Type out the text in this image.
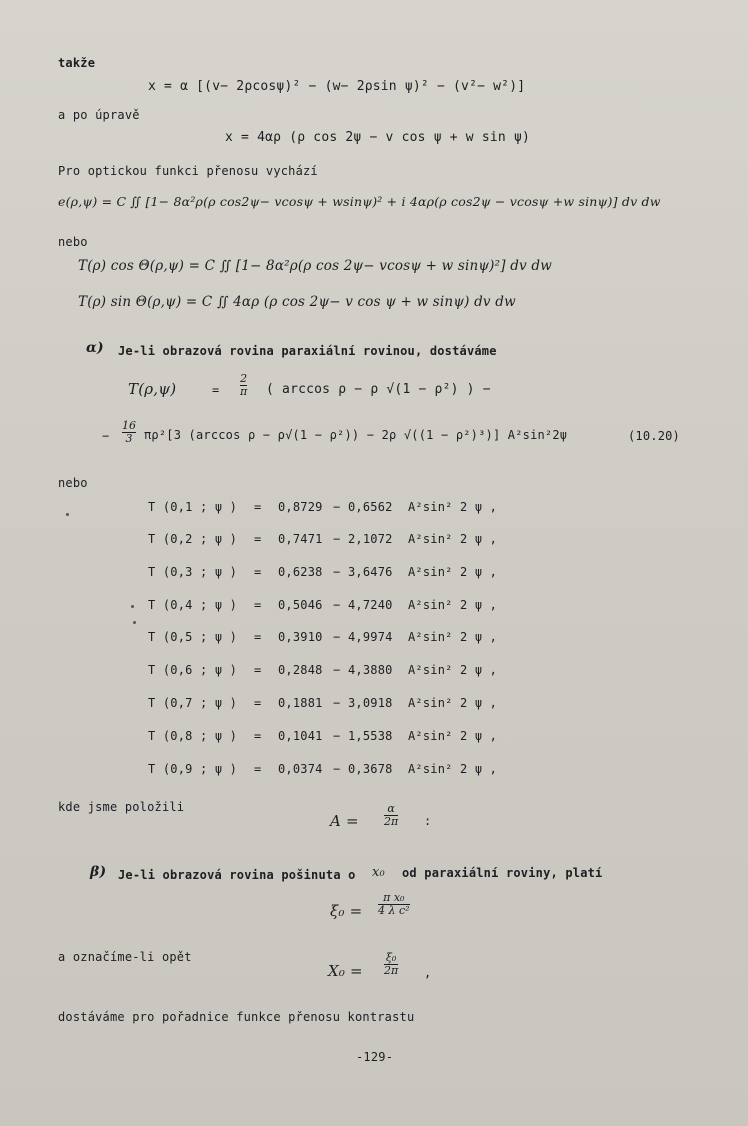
takže
x = α [(v− 2ρcosψ)² − (w− 2ρsin ψ)² − (v²− w²)]
a po úpravě
x = 4αρ (ρ cos 2ψ − v cos ψ + w sin ψ)
Pro optickou funkci přenosu vychází
e(ρ,ψ) = C ∬ [1− 8α²ρ(ρ cos2ψ− vcosψ + wsinψ)² + i 4αρ(ρ cos2ψ − vcosψ +w sinψ)] dv dw
nebo
T(ρ) cos Θ(ρ,ψ) = C ∬ [1− 8α²ρ(ρ cos 2ψ− vcosψ + w sinψ)²] dv dw
T(ρ) sin Θ(ρ,ψ) = C ∬ 4αρ (ρ cos 2ψ− v cos ψ + w sinψ) dv dw
α) Je-li obrazová rovina paraxiální rovinou, dostáváme
T(ρ,ψ)	= $\frac{2}{\pi}$ ( arccos ρ − ρ √(1 − ρ²) ) −
− $\frac{16}{3} \pi\rho^2[3$ (arccos ρ − ρ√(1 − ρ²)) − 2ρ √((1 − ρ²)³)] A²sin²2ψ	(10.20)
nebo
T (0,1 ; ψ ) = 0,8729 − 0,6562 A²sin² 2 ψ ,
T (0,2 ; ψ ) = 0,7471 − 2,1072 A²sin² 2 ψ ,
T (0,3 ; ψ ) = 0,6238 − 3,6476 A²sin² 2 ψ ,
T (0,4 ; ψ ) = 0,5046 − 4,7240 A²sin² 2 ψ ,
T (0,5 ; ψ ) = 0,3910 − 4,9974 A²sin² 2 ψ ,
T (0,6 ; ψ ) = 0,2848 − 4,3880 A²sin² 2 ψ ,
T (0,7 ; ψ ) = 0,1881 − 3,0918 A²sin² 2 ψ ,
T (0,8 ; ψ ) = 0,1041 − 1,5538 A²sin² 2 ψ ,
T (0,9 ; ψ ) = 0,0374 − 0,3678 A²sin² 2 ψ ,
kde jsme položili
$A = \frac{\alpha}{2\pi}$ :
β) Je-li obrazová rovina pošinuta o x₀ od paraxiální roviny, platí
$\xi_0 = \frac{\text{π x₀}}{\text{4 λ c²}}$
a označíme-li opět
$X_0 = \frac{\text{ξ₀}}{2\pi}$ ,
dostáváme pro pořadnice funkce přenosu kontrastu
-129-
